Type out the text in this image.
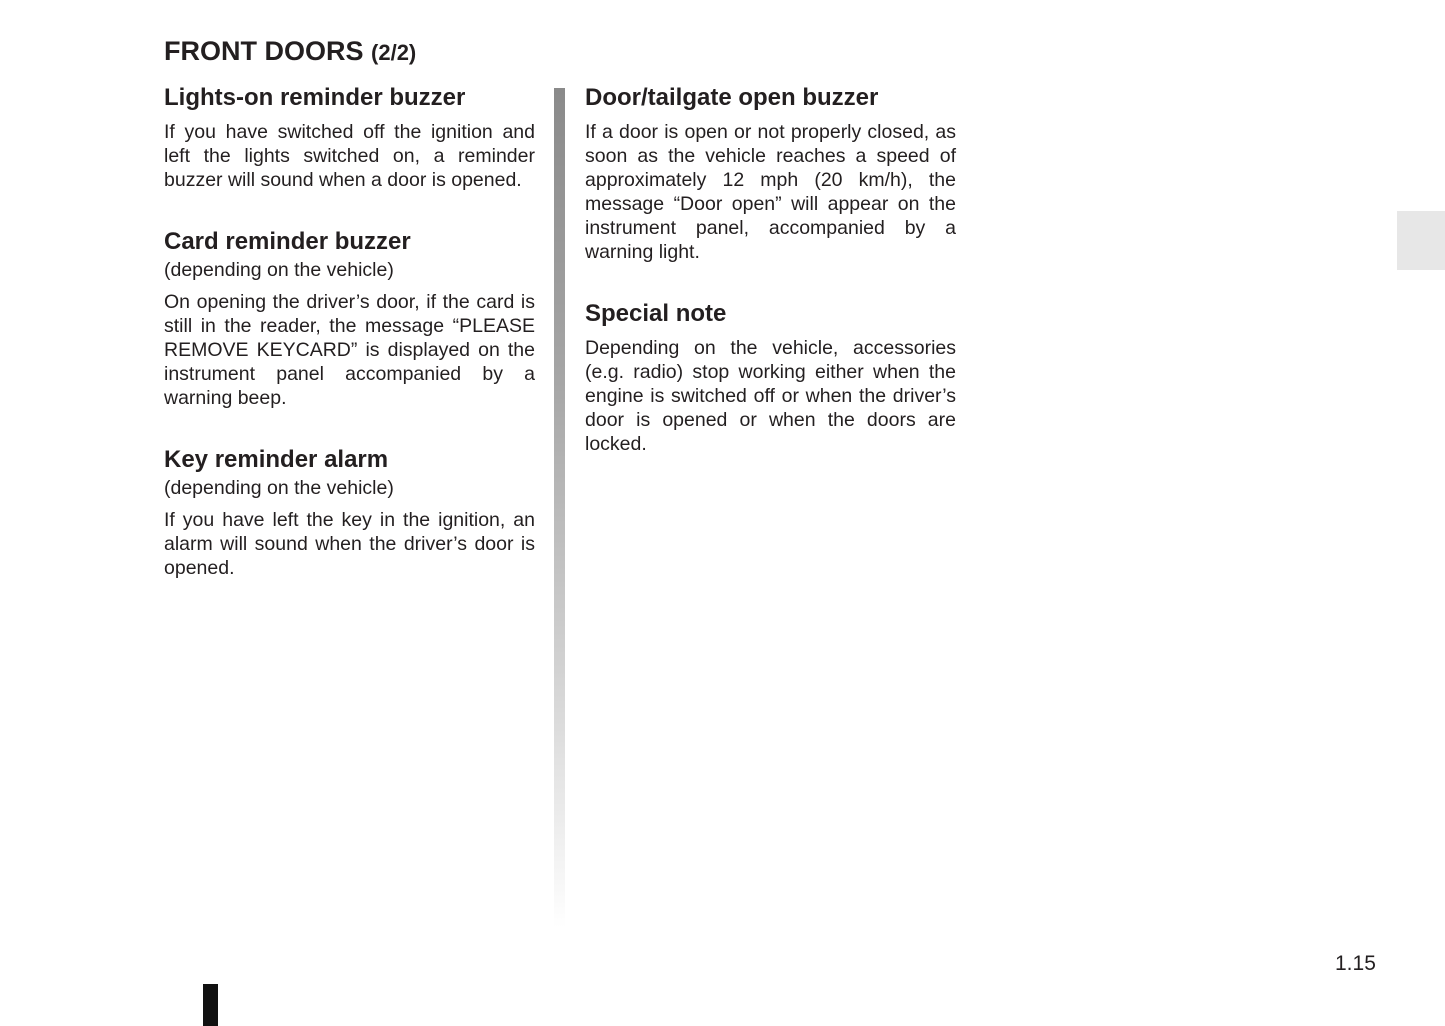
FRONT DOORS (2/2)
Lights-on reminder buzzer

If you have switched off the ignition and left the lights switched on, a reminder buzzer will sound when a door is opened.

Card reminder buzzer

(depending on the vehicle)

On opening the driver’s door, if the card is still in the reader, the message “PLEASE REMOVE KEYCARD” is displayed on the instrument panel accompanied by a warning beep.

Key reminder alarm

(depending on the vehicle)

If you have left the key in the ignition, an alarm will sound when the driver’s door is opened.

Door/tailgate open buzzer

If a door is open or not properly closed, as soon as the vehicle reaches a speed of approximately 12 mph (20 km/h), the message “Door open” will appear on the instrument panel, accompanied by a warning light.

Special note

Depending on the vehicle, accessories (e.g. radio) stop working either when the engine is switched off or when the driver’s door is opened or when the doors are locked.

1.15
